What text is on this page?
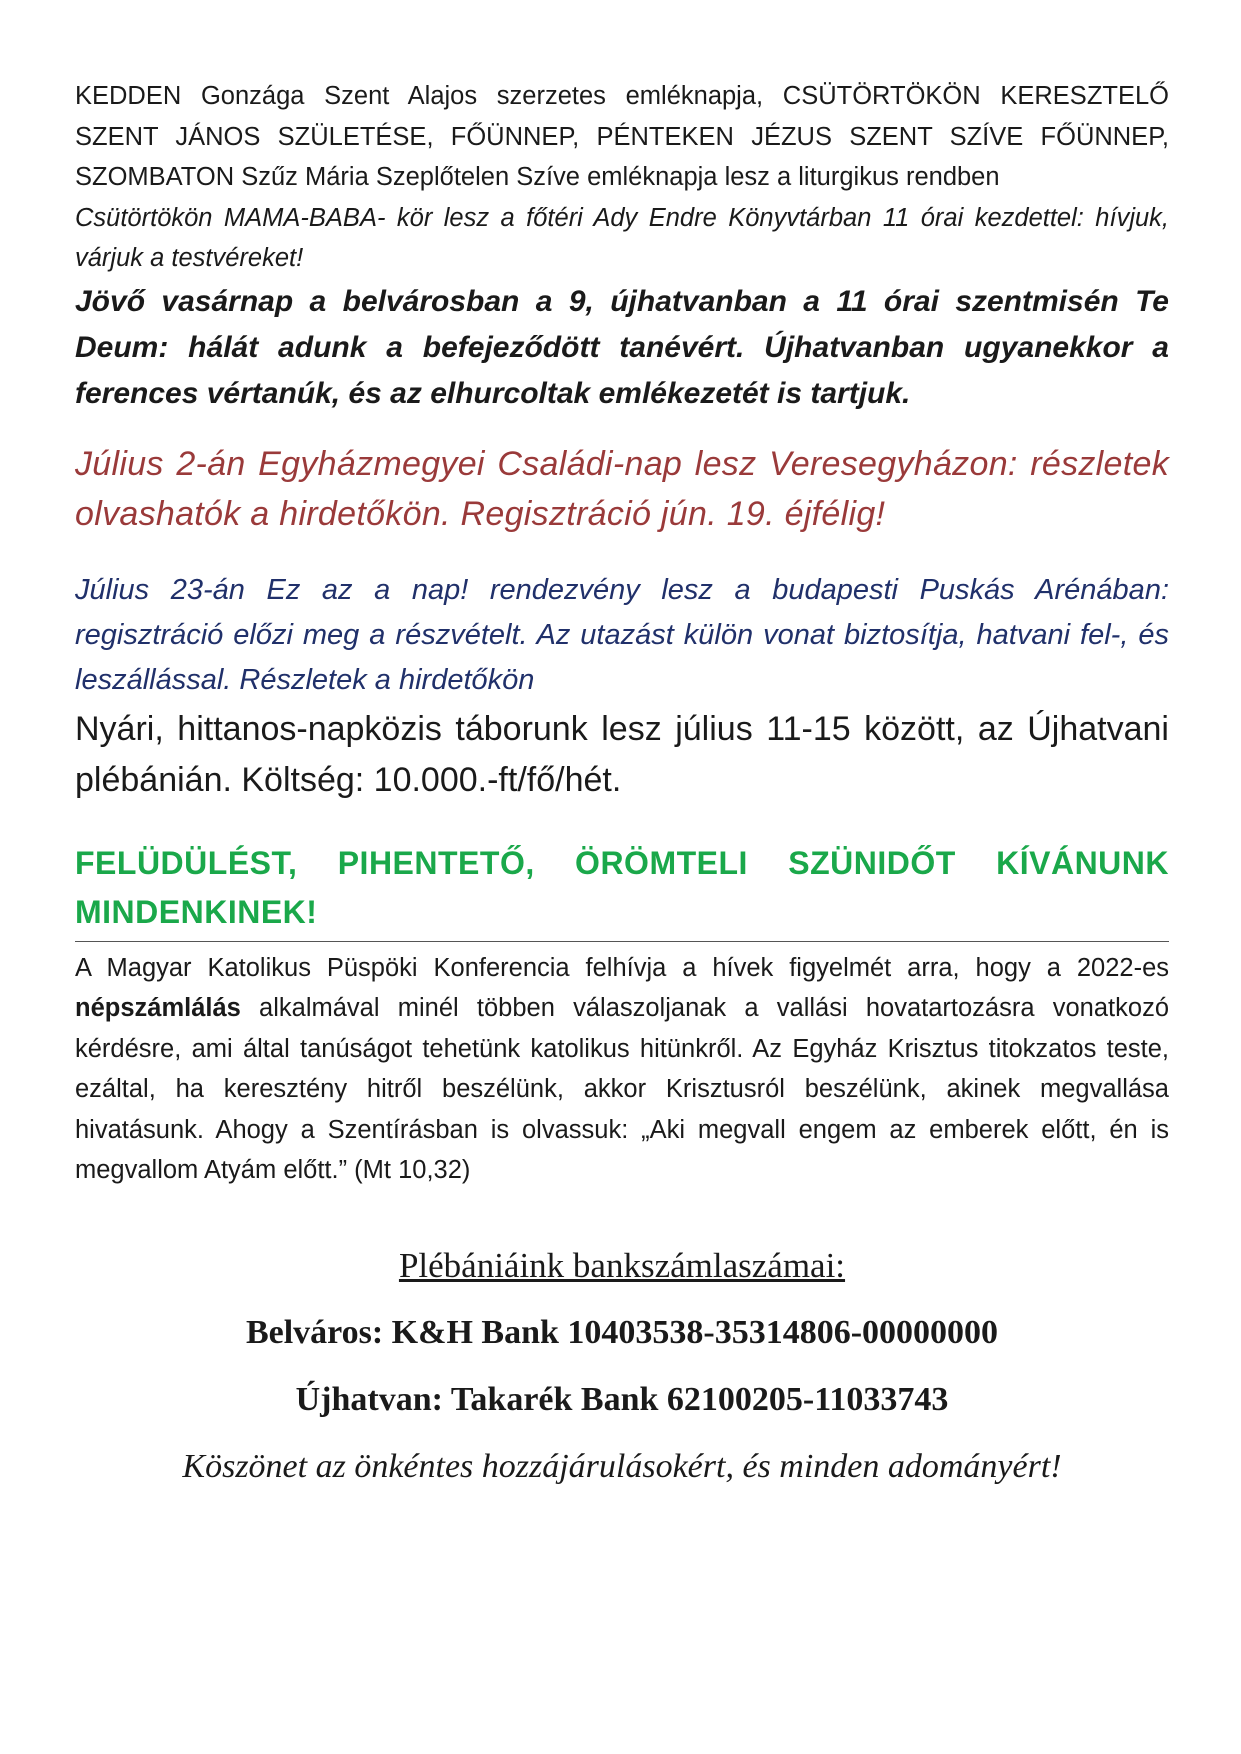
KEDDEN Gonzága Szent Alajos szerzetes emléknapja, CSÜTÖRTÖKÖN KERESZTELŐ SZENT JÁNOS SZÜLETÉSE, FŐÜNNEP, PÉNTEKEN JÉZUS SZENT SZÍVE FŐÜNNEP, SZOMBATON Szűz Mária Szeplőtelen Szíve emléknapja lesz a liturgikus rendben

Csütörtökön MAMA-BABA- kör lesz a főtéri Ady Endre Könyvtárban 11 órai kezdettel: hívjuk, várjuk a testvéreket!

Jövő vasárnap a belvárosban a 9, újhatvanban a 11 órai szentmisén Te Deum: hálát adunk a befejeződött tanévért. Újhatvanban ugyanekkor a ferences vértanúk, és az elhurcoltak emlékezetét is tartjuk.

Július 2-án Egyházmegyei Családi-nap lesz Veresegyházon: részletek olvashatók a hirdetőkön. Regisztráció jún. 19. éjfélig!

Július 23-án Ez az a nap! rendezvény lesz a budapesti Puskás Arénában: regisztráció előzi meg a részvételt. Az utazást külön vonat biztosítja, hatvani fel-, és leszállással. Részletek a hirdetőkön

Nyári, hittanos-napközis táborunk lesz július 11-15 között, az Újhatvani plébánián. Költség: 10.000.-ft/fő/hét.

FELÜDÜLÉST, PIHENTETŐ, ÖRÖMTELI SZÜNIDŐT KÍVÁNUNK MINDENKINEK!

A Magyar Katolikus Püspöki Konferencia felhívja a hívek figyelmét arra, hogy a 2022-es népszámlálás alkalmával minél többen válaszoljanak a vallási hovatartozásra vonatkozó kérdésre, ami által tanúságot tehetünk katolikus hitünkről. Az Egyház Krisztus titokzatos teste, ezáltal, ha keresztény hitről beszélünk, akkor Krisztusról beszélünk, akinek megvallása hivatásunk. Ahogy a Szentírásban is olvassuk: „Aki megvall engem az emberek előtt, én is megvallom Atyám előtt.” (Mt 10,32)

Plébániáink bankszámlaszámai:
Belváros: K&H Bank 10403538-35314806-00000000
Újhatvan: Takarék Bank 62100205-11033743
Köszönet az önkéntes hozzájárulásokért, és minden adományért!
